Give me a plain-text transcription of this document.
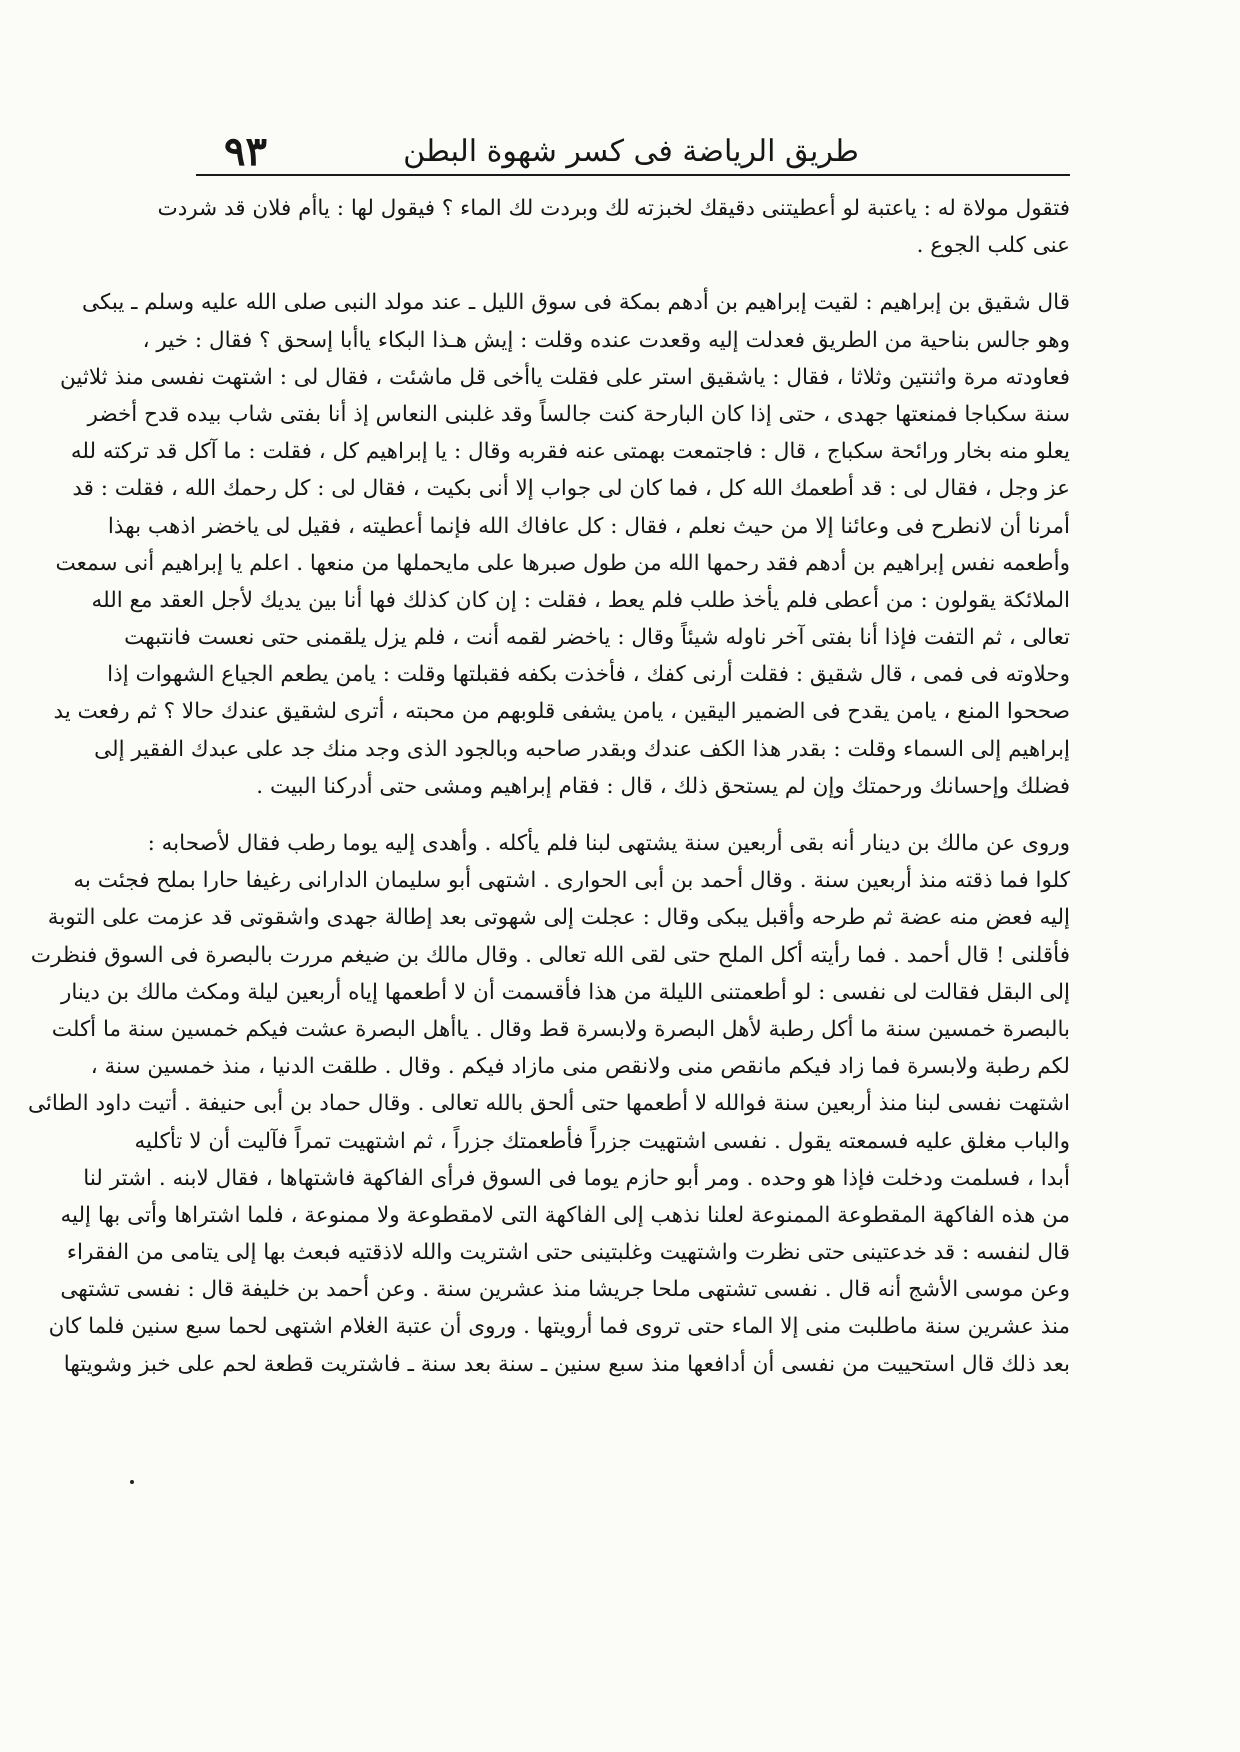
٩٣	طريق الرياضة فى كسر شهوة البطن
فتقول مولاة له : ياعتبة لو أعطيتنى دقيقك لخبزته لك وبردت لك الماء ؟ فيقول لها : ياأم فلان قد شردت
عنى كلب الجوع .
قال شقيق بن إبراهيم : لقيت إبراهيم بن أدهم بمكة فى سوق الليل ـ عند مولد النبى صلى الله عليه وسلم ـ يبكى
وهو جالس بناحية من الطريق فعدلت إليه وقعدت عنده وقلت : إيش هـذا البكاء ياأبا إسحق ؟ فقال : خير ،
فعاودته مرة واثنتين وثلاثا ، فقال : ياشقيق استر على فقلت ياأخى قل ماشئت ، فقال لى : اشتهت نفسى منذ ثلاثين
سنة سكباجا فمنعتها جهدى ، حتى إذا كان البارحة كنت جالساً وقد غلبنى النعاس إذ أنا بفتى شاب بيده قدح أخضر
يعلو منه بخار ورائحة سكباج ، قال : فاجتمعت بهمتى عنه فقربه وقال : يا إبراهيم كل ، فقلت : ما آكل قد تركته لله
عز وجل ، فقال لى : قد أطعمك الله كل ، فما كان لى جواب إلا أنى بكيت ، فقال لى : كل رحمك الله ، فقلت : قد
أمرنا أن لانطرح فى وعائنا إلا من حيث نعلم ، فقال : كل عافاك الله فإنما أعطيته ، فقيل لى ياخضر اذهب بهذا
وأطعمه نفس إبراهيم بن أدهم فقد رحمها الله من طول صبرها على مايحملها من منعها . اعلم يا إبراهيم أنى سمعت
الملائكة يقولون : من أعطى فلم يأخذ طلب فلم يعط ، فقلت : إن كان كذلك فها أنا بين يديك لأجل العقد مع الله
تعالى ، ثم التفت فإذا أنا بفتى آخر ناوله شيئاً وقال : ياخضر لقمه أنت ، فلم يزل يلقمنى حتى نعست فانتبهت
وحلاوته فى فمى ، قال شقيق : فقلت أرنى كفك ، فأخذت بكفه فقبلتها وقلت : يامن يطعم الجياع الشهوات إذا
صححوا المنع ، يامن يقدح فى الضمير اليقين ، يامن يشفى قلوبهم من محبته ، أترى لشقيق عندك حالا ؟ ثم رفعت يد
إبراهيم إلى السماء وقلت : بقدر هذا الكف عندك وبقدر صاحبه وبالجود الذى وجد منك جد على عبدك الفقير إلى
فضلك وإحسانك ورحمتك وإن لم يستحق ذلك ، قال : فقام إبراهيم ومشى حتى أدركنا البيت .
وروى عن مالك بن دينار أنه بقى أربعين سنة يشتهى لبنا فلم يأكله . وأهدى إليه يوما رطب فقال لأصحابه :
كلوا فما ذقته منذ أربعين سنة . وقال أحمد بن أبى الحوارى . اشتهى أبو سليمان الدارانى رغيفا حارا بملح فجئت به
إليه فعض منه عضة ثم طرحه وأقبل يبكى وقال : عجلت إلى شهوتى بعد إطالة جهدى واشقوتى قد عزمت على التوبة
فأقلنى ! قال أحمد . فما رأيته أكل الملح حتى لقى الله تعالى . وقال مالك بن ضيغم مررت بالبصرة فى السوق فنظرت
إلى البقل فقالت لى نفسى : لو أطعمتنى الليلة من هذا فأقسمت أن لا أطعمها إياه أربعين ليلة ومكث مالك بن دينار
بالبصرة خمسين سنة ما أكل رطبة لأهل البصرة ولابسرة قط وقال . ياأهل البصرة عشت فيكم خمسين سنة ما أكلت
لكم رطبة ولابسرة فما زاد فيكم مانقص منى ولانقص منى مازاد فيكم . وقال . طلقت الدنيا ، منذ خمسين سنة ،
اشتهت نفسى لبنا منذ أربعين سنة فوالله لا أطعمها حتى ألحق بالله تعالى . وقال حماد بن أبى حنيفة . أتيت داود الطائى
والباب مغلق عليه فسمعته يقول . نفسى اشتهيت جزراً فأطعمتك جزراً ، ثم اشتهيت تمراً فآليت أن لا تأكليه
أبدا ، فسلمت ودخلت فإذا هو وحده . ومر أبو حازم يوما فى السوق فرأى الفاكهة فاشتهاها ، فقال لابنه . اشتر لنا
من هذه الفاكهة المقطوعة الممنوعة لعلنا نذهب إلى الفاكهة التى لامقطوعة ولا ممنوعة ، فلما اشتراها وأتى بها إليه
قال لنفسه : قد خدعتينى حتى نظرت واشتهيت وغلبتينى حتى اشتريت والله لاذقتيه فبعث بها إلى يتامى من الفقراء
وعن موسى الأشج أنه قال . نفسى تشتهى ملحا جريشا منذ عشرين سنة . وعن أحمد بن خليفة قال : نفسى تشتهى
منذ عشرين سنة ماطلبت منى إلا الماء حتى تروى فما أرويتها . وروى أن عتبة الغلام اشتهى لحما سبع سنين فلما كان
بعد ذلك قال استحييت من نفسى أن أدافعها منذ سبع سنين ـ سنة بعد سنة ـ فاشتريت قطعة لحم على خبز وشويتها
